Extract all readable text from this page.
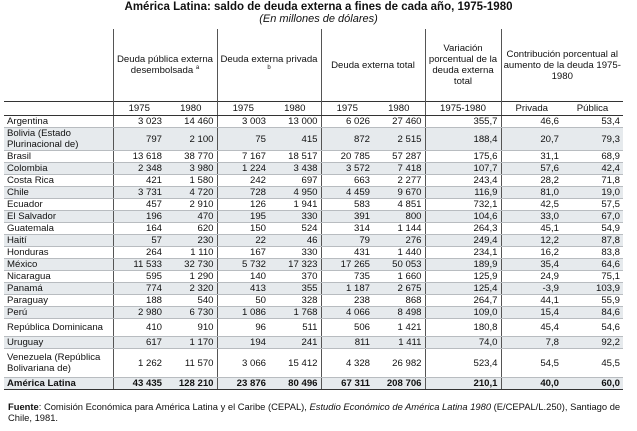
América Latina: saldo de deuda externa a fines de cada año, 1975-1980
(En millones de dólares)
	Deuda pública externa desembolsada $^a$		Deuda externa privada $^b$		Deuda externa total		Variación porcentual de la deuda externa total	Contribución porcentual al aumento de la deuda 1975-1980	
	1975	1980	1975	1980	1975	1980	1975-1980	Privada	Pública
Argentina	3 023	14 460	3 003	13 000	6 026	27 460	355,7	46,6	53,4
Bolivia (Estado Plurinacional de)	797	2 100	75	415	872	2 515	188,4	20,7	79,3
Brasil	13 618	38 770	7 167	18 517	20 785	57 287	175,6	31,1	68,9
Colombia	2 348	3 980	1 224	3 438	3 572	7 418	107,7	57,6	42,4
Costa Rica	421	1 580	242	697	663	2 277	243,4	28,2	71,8
Chile	3 731	4 720	728	4 950	4 459	9 670	116,9	81,0	19,0
Ecuador	457	2 910	126	1 941	583	4 851	732,1	42,5	57,5
El Salvador	196	470	195	330	391	800	104,6	33,0	67,0
Guatemala	164	620	150	524	314	1 144	264,3	45,1	54,9
Haití	57	230	22	46	79	276	249,4	12,2	87,8
Honduras	264	1 110	167	330	431	1 440	234,1	16,2	83,8
México	11 533	32 730	5 732	17 323	17 265	50 053	189,9	35,4	64,6
Nicaragua	595	1 290	140	370	735	1 660	125,9	24,9	75,1
Panamá	774	2 320	413	355	1 187	2 675	125,4	-3,9	103,9
Paraguay	188	540	50	328	238	868	264,7	44,1	55,9
Perú	2 980	6 730	1 086	1 768	4 066	8 498	109,0	15,4	84,6
República Dominicana	410	910	96	511	506	1 421	180,8	45,4	54,6
Uruguay	617	1 170	194	241	811	1 411	74,0	7,8	92,2
Venezuela (República Bolivariana de)	1 262	11 570	3 066	15 412	4 328	26 982	523,4	54,5	45,5
América Latina	43 435	128 210	23 876	80 496	67 311	208 706	210,1	40,0	60,0
Fuente: Comisión Económica para América Latina y el Caribe (CEPAL), Estudio Económico de América Latina 1980 (E/CEPAL/L.250), Santiago de Chile, 1981.
